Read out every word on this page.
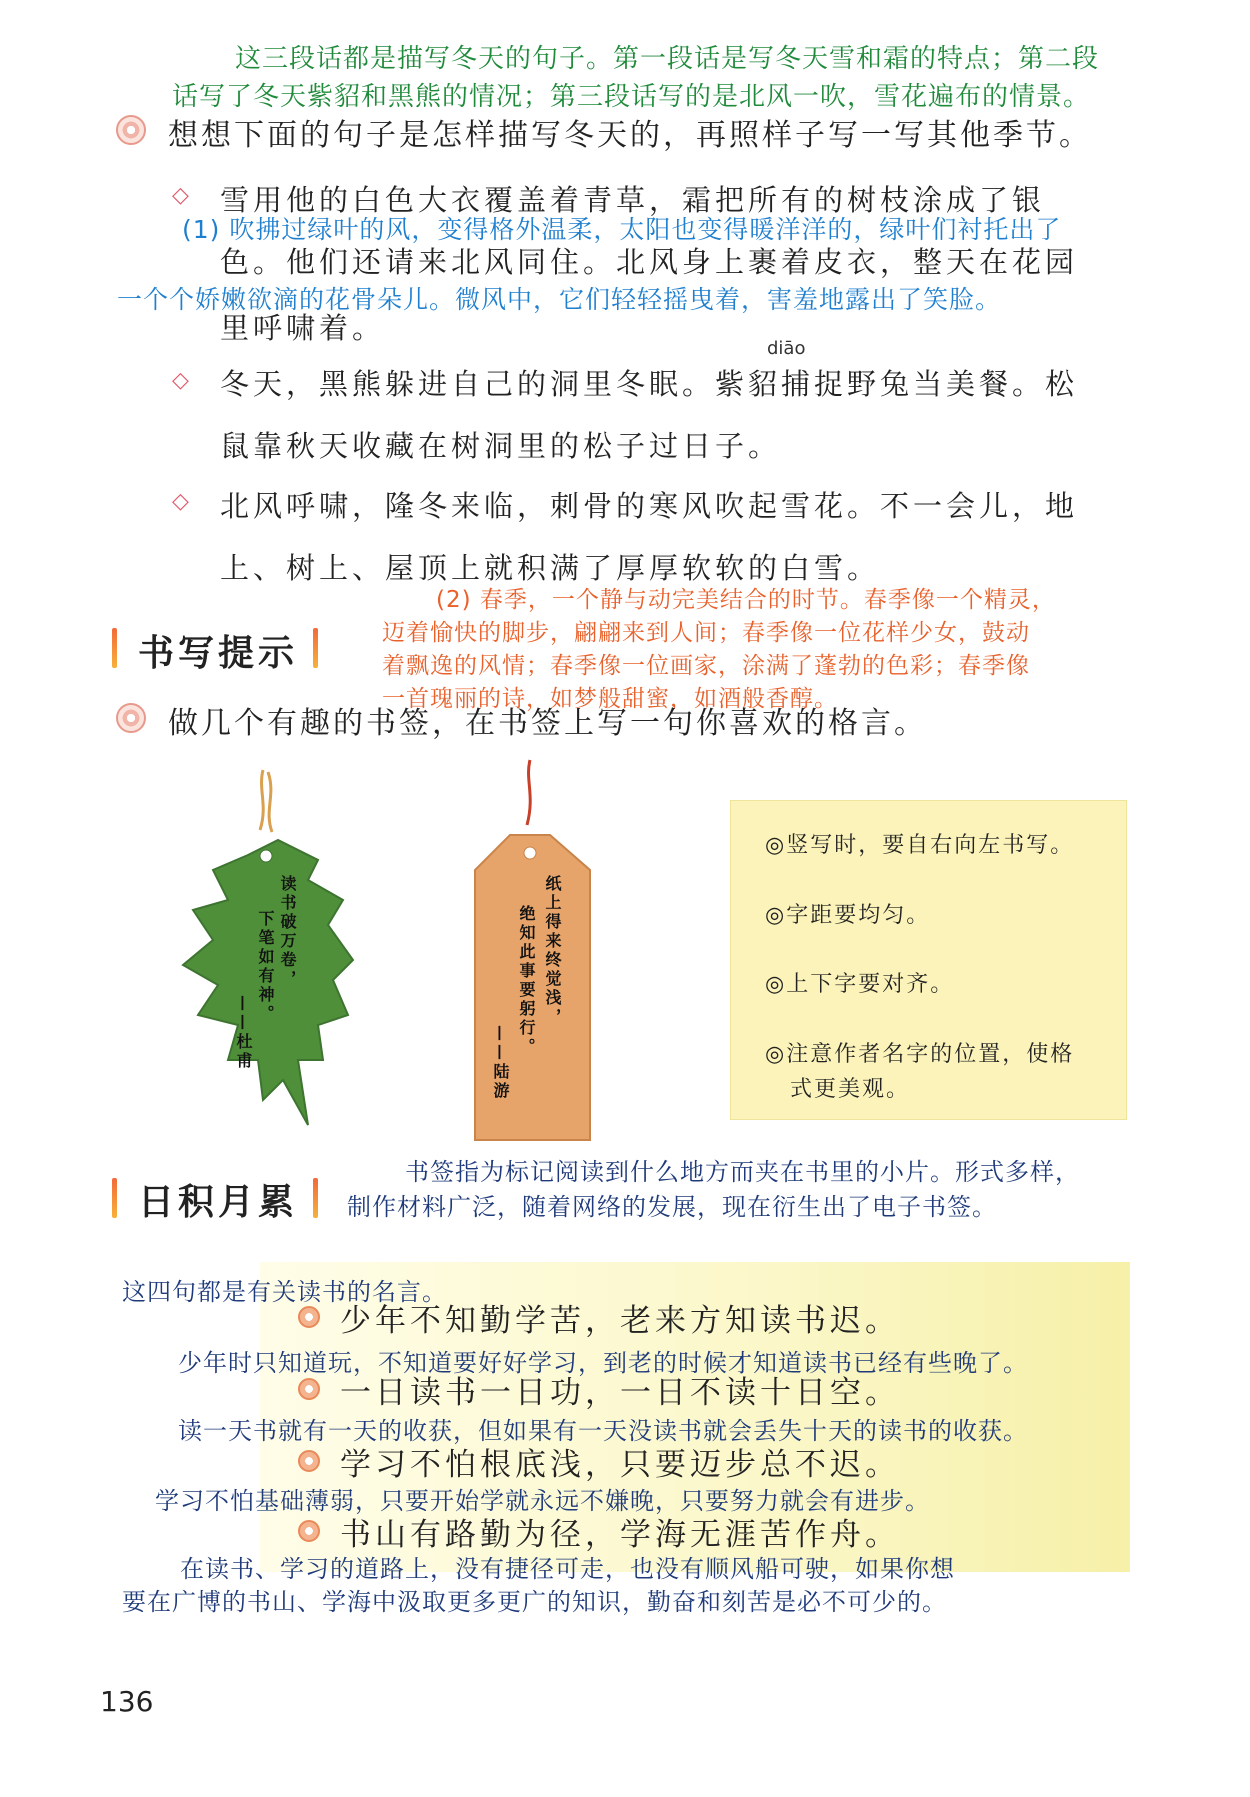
这三段话都是描写冬天的句子。第一段话是写冬天雪和霜的特点；第二段
话写了冬天紫貂和黑熊的情况；第三段话写的是北风一吹，雪花遍布的情景。
想想下面的句子是怎样描写冬天的，再照样子写一写其他季节。
◇ 雪用他的白色大衣覆盖着青草，霜把所有的树枝涂成了银
(1) 吹拂过绿叶的风，变得格外温柔，太阳也变得暖洋洋的，绿叶们衬托出了
色。他们还请来北风同住。北风身上裹着皮衣，整天在花园
一个个娇嫩欲滴的花骨朵儿。微风中，它们轻轻摇曳着，害羞地露出了笑脸。
里呼啸着。
diāo
◇ 冬天，黑熊躲进自己的洞里冬眠。紫貂捕捉野兔当美餐。松
鼠靠秋天收藏在树洞里的松子过日子。
◇ 北风呼啸，隆冬来临，刺骨的寒风吹起雪花。不一会儿，地
上、树上、屋顶上就积满了厚厚软软的白雪。
(2) 春季，一个静与动完美结合的时节。春季像一个精灵，
迈着愉快的脚步，翩翩来到人间；春季像一位花样少女，鼓动
着飘逸的风情；春季像一位画家，涂满了蓬勃的色彩；春季像
一首瑰丽的诗，如梦般甜蜜，如酒般香醇。
书写提示
做几个有趣的书签，在书签上写一句你喜欢的格言。
读书破万卷，
下笔如有神。
——杜甫
纸上得来终觉浅，
绝知此事要躬行。
——陆游
◎竖写时，要自右向左书写。
◎字距要均匀。
◎上下字要对齐。
◎注意作者名字的位置，使格
式更美观。
书签指为标记阅读到什么地方而夹在书里的小片。形式多样，
制作材料广泛，随着网络的发展，现在衍生出了电子书签。
日积月累
这四句都是有关读书的名言。
少年不知勤学苦，老来方知读书迟。
少年时只知道玩，不知道要好好学习，到老的时候才知道读书已经有些晚了。
一日读书一日功，一日不读十日空。
读一天书就有一天的收获，但如果有一天没读书就会丢失十天的读书的收获。
学习不怕根底浅，只要迈步总不迟。
学习不怕基础薄弱，只要开始学就永远不嫌晚，只要努力就会有进步。
书山有路勤为径，学海无涯苦作舟。
在读书、学习的道路上，没有捷径可走，也没有顺风船可驶，如果你想
要在广博的书山、学海中汲取更多更广的知识，勤奋和刻苦是必不可少的。
136
